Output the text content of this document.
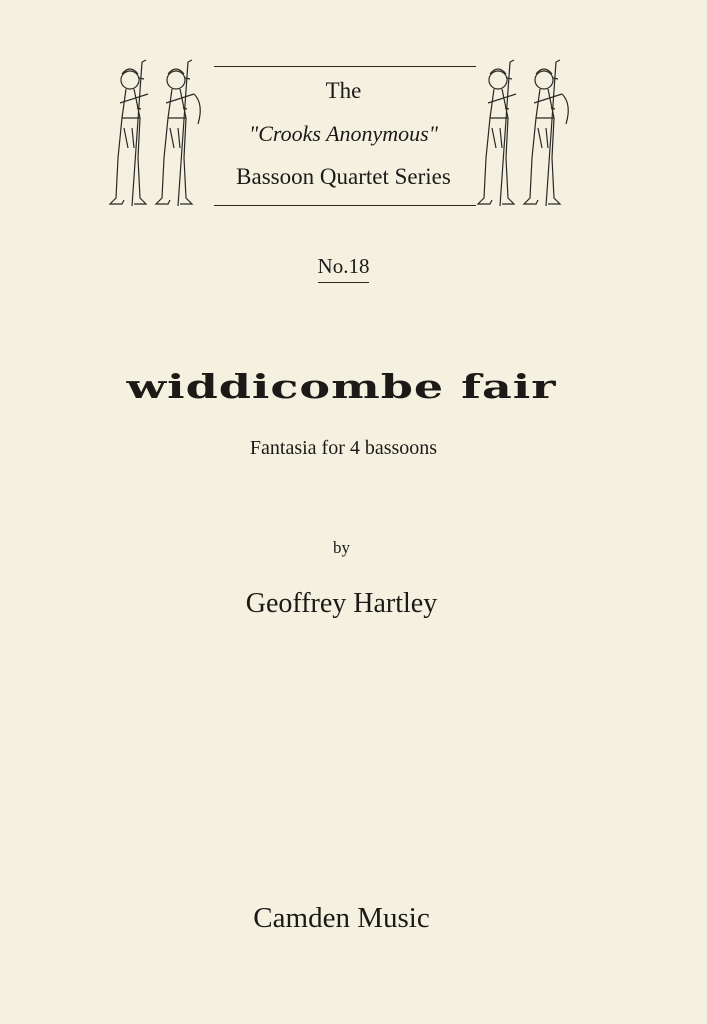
The
"Crooks Anonymous"
Bassoon Quartet Series
No.18
widdicombe fair
Fantasia for 4 bassoons
by
Geoffrey Hartley
Camden Music
